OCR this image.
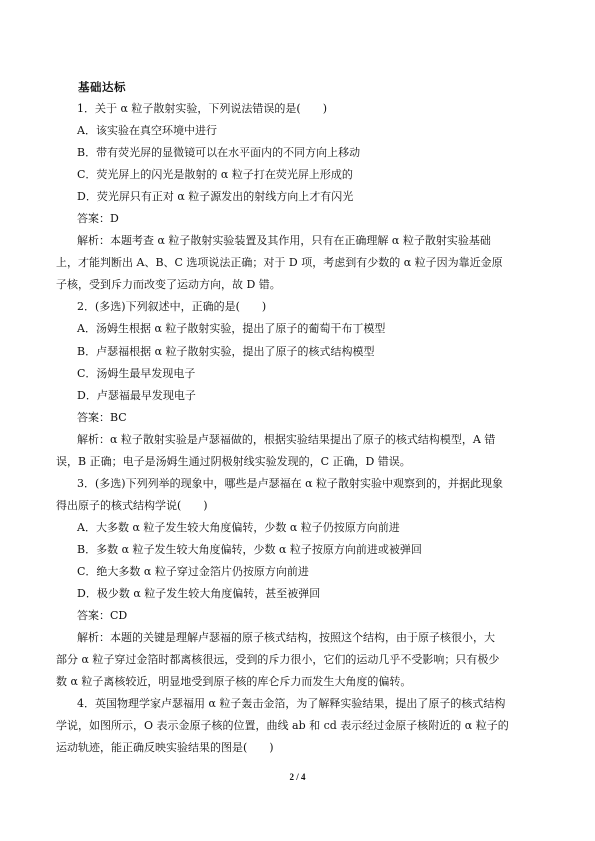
基础达标
1．关于 α 粒子散射实验，下列说法错误的是(　　)
A．该实验在真空环境中进行
B．带有荧光屏的显微镜可以在水平面内的不同方向上移动
C．荧光屏上的闪光是散射的 α 粒子打在荧光屏上形成的
D．荧光屏只有正对 α 粒子源发出的射线方向上才有闪光
答案：D
解析：本题考查 α 粒子散射实验装置及其作用，只有在正确理解 α 粒子散射实验基础
上，才能判断出 A、B、C 选项说法正确；对于 D 项，考虑到有少数的 α 粒子因为靠近金原
子核，受到斥力而改变了运动方向，故 D 错。
2．(多选)下列叙述中，正确的是(　　)
A．汤姆生根据 α 粒子散射实验，提出了原子的葡萄干布丁模型
B．卢瑟福根据 α 粒子散射实验，提出了原子的核式结构模型
C．汤姆生最早发现电子
D．卢瑟福最早发现电子
答案：BC
解析：α 粒子散射实验是卢瑟福做的，根据实验结果提出了原子的核式结构模型，A 错
误，B 正确；电子是汤姆生通过阴极射线实验发现的，C 正确，D 错误。
3．(多选)下列列举的现象中，哪些是卢瑟福在 α 粒子散射实验中观察到的，并据此现象
得出原子的核式结构学说(　　)
A．大多数 α 粒子发生较大角度偏转，少数 α 粒子仍按原方向前进
B．多数 α 粒子发生较大角度偏转，少数 α 粒子按原方向前进或被弹回
C．绝大多数 α 粒子穿过金箔片仍按原方向前进
D．极少数 α 粒子发生较大角度偏转，甚至被弹回
答案：CD
解析：本题的关键是理解卢瑟福的原子核式结构，按照这个结构，由于原子核很小，大
部分 α 粒子穿过金箔时都离核很远，受到的斥力很小，它们的运动几乎不受影响；只有极少
数 α 粒子离核较近，明显地受到原子核的库仑斥力而发生大角度的偏转。
4．英国物理学家卢瑟福用 α 粒子轰击金箔，为了解释实验结果，提出了原子的核式结构
学说，如图所示，O 表示金原子核的位置，曲线 ab 和 cd 表示经过金原子核附近的 α 粒子的
运动轨迹，能正确反映实验结果的图是(　　)
2 / 4
